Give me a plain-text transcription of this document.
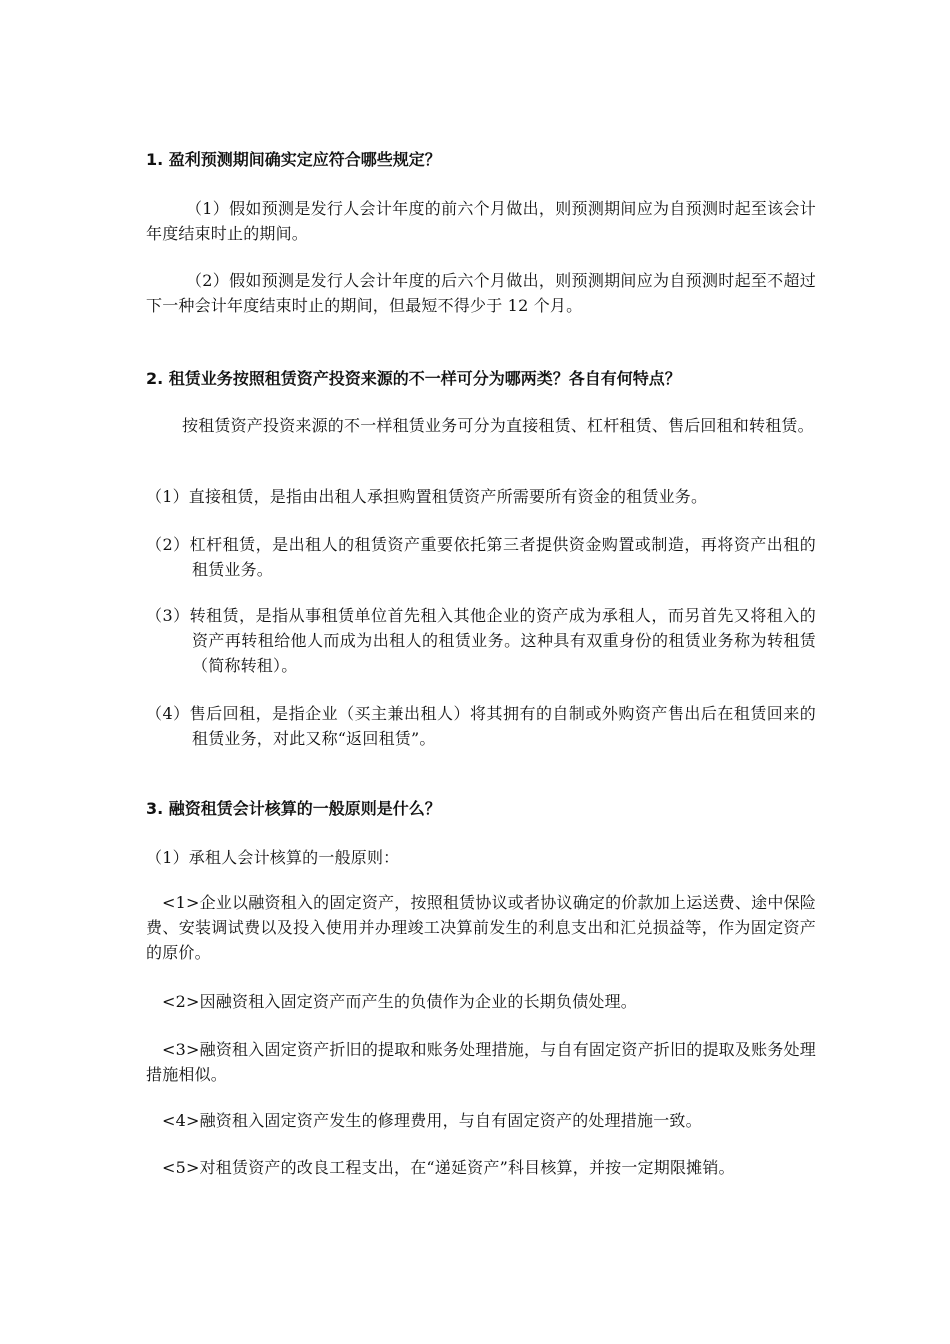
1. 盈利预测期间确实定应符合哪些规定？

（1）假如预测是发行人会计年度的前六个月做出，则预测期间应为自预测时起至该会计年度结束时止的期间。

（2）假如预测是发行人会计年度的后六个月做出，则预测期间应为自预测时起至不超过下一种会计年度结束时止的期间，但最短不得少于 12 个月。

2. 租赁业务按照租赁资产投资来源的不一样可分为哪两类？各自有何特点？

按租赁资产投资来源的不一样租赁业务可分为直接租赁、杠杆租赁、售后回租和转租赁。

（1）直接租赁，是指由出租人承担购置租赁资产所需要所有资金的租赁业务。

（2）杠杆租赁，是出租人的租赁资产重要依托第三者提供资金购置或制造，再将资产出租的租赁业务。

（3）转租赁，是指从事租赁单位首先租入其他企业的资产成为承租人，而另首先又将租入的资产再转租给他人而成为出租人的租赁业务。这种具有双重身份的租赁业务称为转租赁（简称转租）。

（4）售后回租，是指企业（买主兼出租人）将其拥有的自制或外购资产售出后在租赁回来的租赁业务，对此又称“返回租赁”。

3. 融资租赁会计核算的一般原则是什么？

（1）承租人会计核算的一般原则：

<1>企业以融资租入的固定资产，按照租赁协议或者协议确定的价款加上运送费、途中保险费、安装调试费以及投入使用并办理竣工决算前发生的利息支出和汇兑损益等，作为固定资产的原价。

<2>因融资租入固定资产而产生的负债作为企业的长期负债处理。

<3>融资租入固定资产折旧的提取和账务处理措施，与自有固定资产折旧的提取及账务处理措施相似。

<4>融资租入固定资产发生的修理费用，与自有固定资产的处理措施一致。

<5>对租赁资产的改良工程支出，在“递延资产”科目核算，并按一定期限摊销。
